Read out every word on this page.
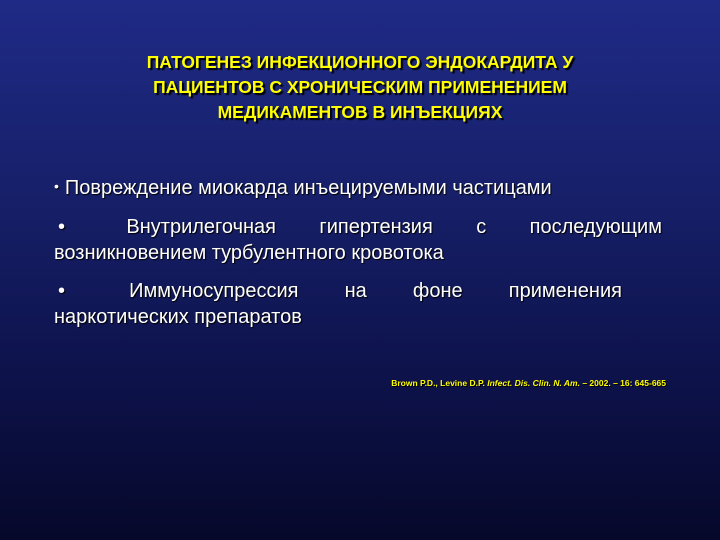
ПАТОГЕНЕЗ ИНФЕКЦИОННОГО ЭНДОКАРДИТА У
ПАЦИЕНТОВ С ХРОНИЧЕСКИМ ПРИМЕНЕНИЕМ
МЕДИКАМЕНТОВ В ИНЪЕКЦИЯХ
• Повреждение миокарда инъецируемыми частицами
•	Внутрилегочная гипертензия с последующим
возникновением турбулентного кровотока
•	Иммуносупрессия на фоне применения
наркотических препаратов
Brown P.D., Levine D.P. Infect. Dis. Clin. N. Am. – 2002. – 16: 645-665
